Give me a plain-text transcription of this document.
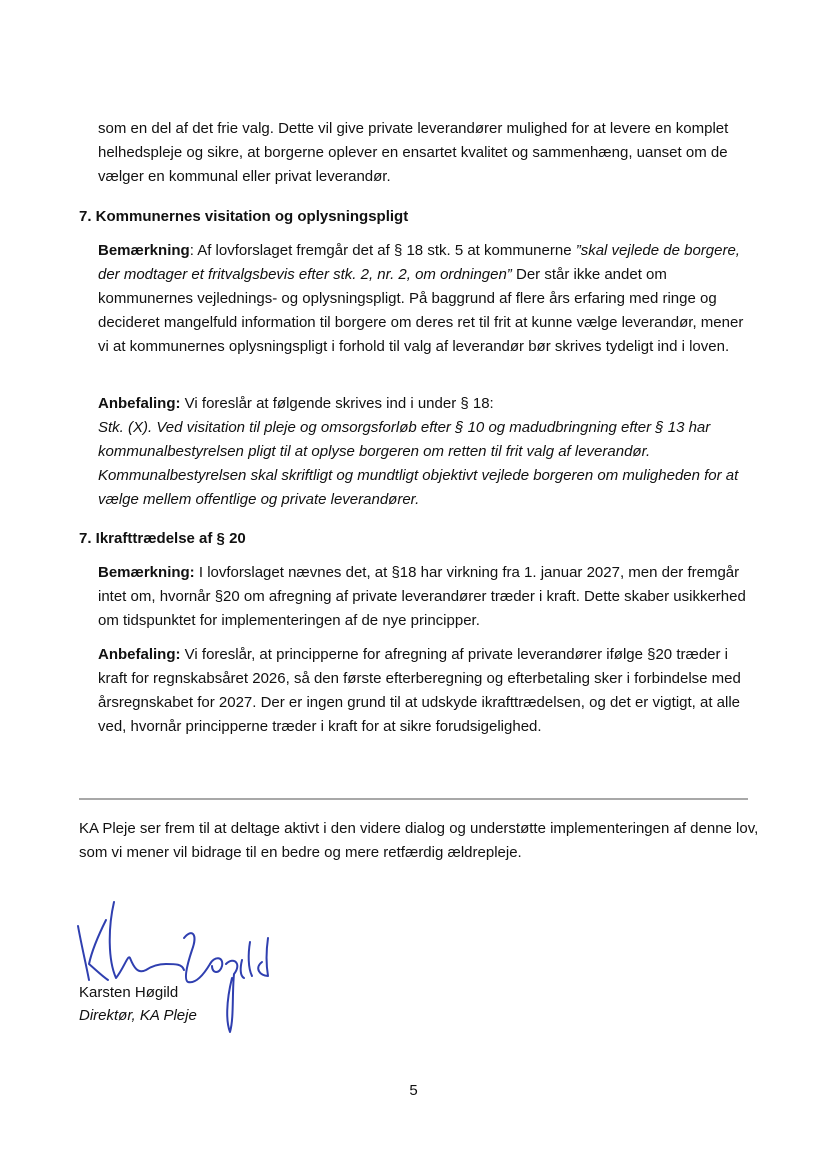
som en del af det frie valg. Dette vil give private leverandører mulighed for at levere en komplet helhedspleje og sikre, at borgerne oplever en ensartet kvalitet og sammenhæng, uanset om de vælger en kommunal eller privat leverandør.

7. Kommunernes visitation og oplysningspligt

Bemærkning: Af lovforslaget fremgår det af § 18 stk. 5 at kommunerne ”skal vejlede de borgere, der modtager et fritvalgsbevis efter stk. 2, nr. 2, om ordningen” Der står ikke andet om kommunernes vejlednings- og oplysningspligt. På baggrund af flere års erfaring med ringe og decideret mangelfuld information til borgere om deres ret til frit at kunne vælge leverandør, mener vi at kommunernes oplysningspligt i forhold til valg af leverandør bør skrives tydeligt ind i loven.

Anbefaling: Vi foreslår at følgende skrives ind i under § 18:
Stk. (X). Ved visitation til pleje og omsorgsforløb efter § 10 og madudbringning efter § 13 har kommunalbestyrelsen pligt til at oplyse borgeren om retten til frit valg af leverandør. Kommunalbestyrelsen skal skriftligt og mundtligt objektivt vejlede borgeren om muligheden for at vælge mellem offentlige og private leverandører.

7. Ikrafttrædelse af § 20

Bemærkning: I lovforslaget nævnes det, at §18 har virkning fra 1. januar 2027, men der fremgår intet om, hvornår §20 om afregning af private leverandører træder i kraft. Dette skaber usikkerhed om tidspunktet for implementeringen af de nye principper.

Anbefaling: Vi foreslår, at principperne for afregning af private leverandører ifølge §20 træder i kraft for regnskabsåret 2026, så den første efterberegning og efterbetaling sker i forbindelse med årsregnskabet for 2027. Der er ingen grund til at udskyde ikrafttrædelsen, og det er vigtigt, at alle ved, hvornår principperne træder i kraft for at sikre forudsigelighed.

KA Pleje ser frem til at deltage aktivt i den videre dialog og understøtte implementeringen af denne lov, som vi mener vil bidrage til en bedre og mere retfærdig ældrepleje.

Karsten Høgild

Direktør, KA Pleje

5
